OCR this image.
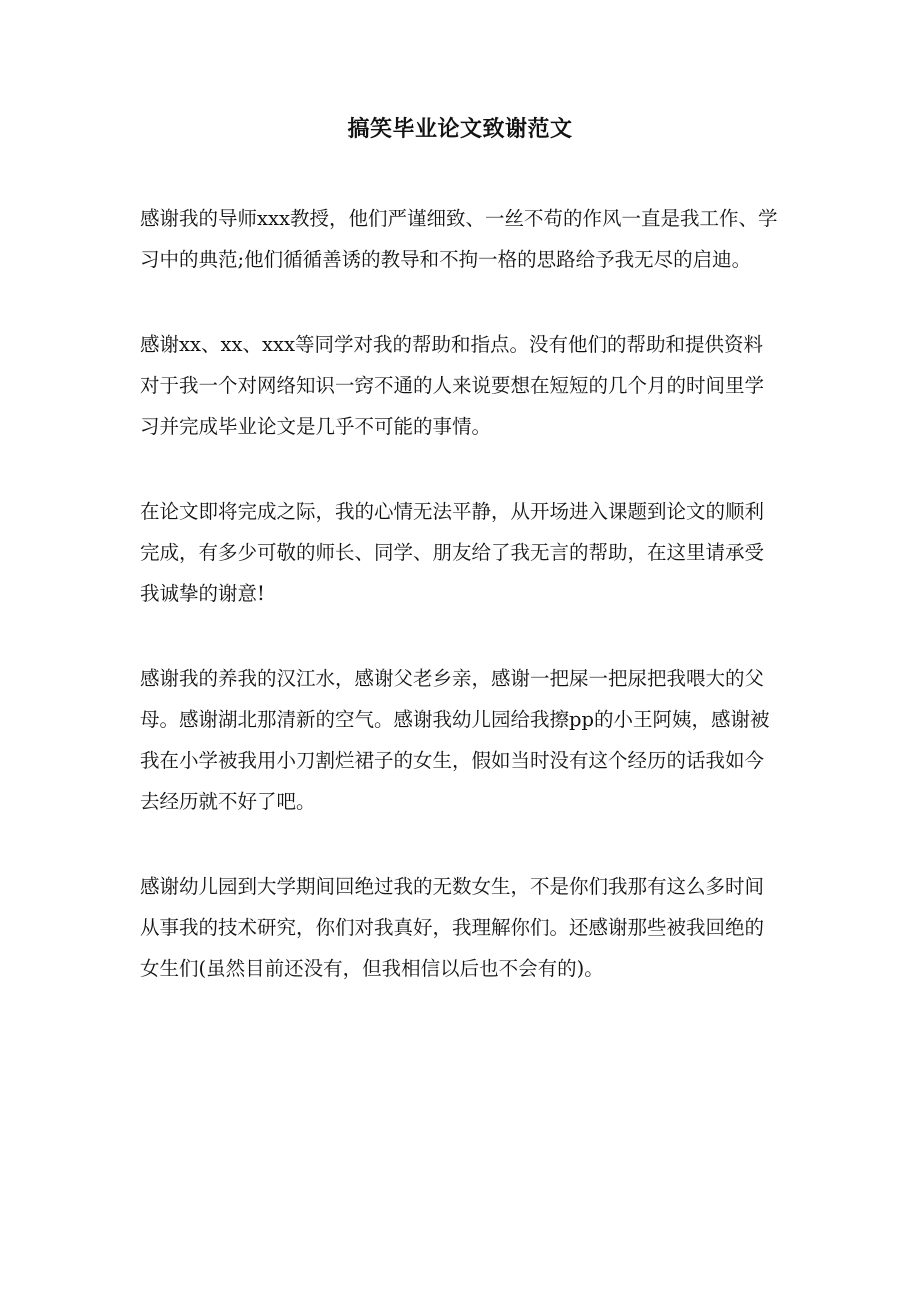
搞笑毕业论文致谢范文

感谢我的导师xxx教授，他们严谨细致、一丝不苟的作风一直是我工作、学习中的典范;他们循循善诱的教导和不拘一格的思路给予我无尽的启迪。

感谢xx、xx、xxx等同学对我的帮助和指点。没有他们的帮助和提供资料对于我一个对网络知识一窍不通的人来说要想在短短的几个月的时间里学习并完成毕业论文是几乎不可能的事情。

在论文即将完成之际，我的心情无法平静，从开场进入课题到论文的顺利完成，有多少可敬的师长、同学、朋友给了我无言的帮助，在这里请承受我诚挚的谢意!

感谢我的养我的汉江水，感谢父老乡亲，感谢一把屎一把尿把我喂大的父母。感谢湖北那清新的空气。感谢我幼儿园给我擦pp的小王阿姨，感谢被我在小学被我用小刀割烂裙子的女生，假如当时没有这个经历的话我如今去经历就不好了吧。

感谢幼儿园到大学期间回绝过我的无数女生，不是你们我那有这么多时间从事我的技术研究，你们对我真好，我理解你们。还感谢那些被我回绝的女生们(虽然目前还没有，但我相信以后也不会有的)。
